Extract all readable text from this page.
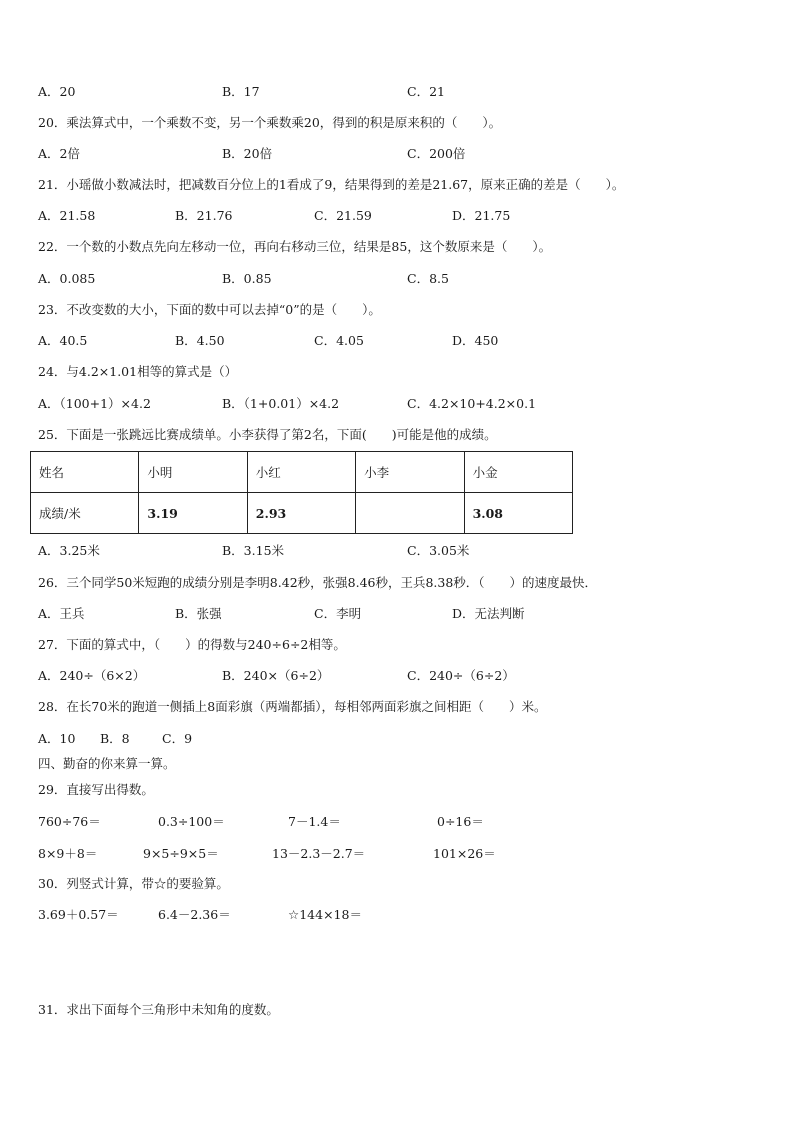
A．20	B．17	C．21
20．乘法算式中，一个乘数不变，另一个乘数乘20，得到的积是原来积的（　　）。
A．2倍	B．20倍	C．200倍
21．小瑶做小数减法时，把减数百分位上的1看成了9，结果得到的差是21.67，原来正确的差是（　　）。
A．21.58	B．21.76	C．21.59	D．21.75
22．一个数的小数点先向左移动一位，再向右移动三位，结果是85，这个数原来是（　　）。
A．0.085	B．0.85	C．8.5
23．不改变数的大小，下面的数中可以去掉“0”的是（　　）。
A．40.5	B．4.50	C．4.05	D．450
24．与4.2×1.01相等的算式是（）
A．（100+1）×4.2	B．（1+0.01）×4.2	C．4.2×10+4.2×0.1
25．下面是一张跳远比赛成绩单。小李获得了第2名，下面(　　)可能是他的成绩。
姓名	小明	小红	小李	小金
成绩/米	3.19	2.93		3.08
A．3.25米	B．3.15米	C．3.05米
26．三个同学50米短跑的成绩分别是李明8.42秒，张强8.46秒，王兵8.38秒．（　　）的速度最快．
A．王兵	B．张强	C．李明	D．无法判断
27．下面的算式中，（　　）的得数与240÷6÷2相等。
A．240÷（6×2）	B．240×（6÷2）	C．240÷（6÷2）
28．在长70米的跑道一侧插上8面彩旗（两端都插），每相邻两面彩旗之间相距（　　）米。
A．10 B．8	C．9
四、勤奋的你来算一算。
29．直接写出得数。
760÷76＝	0.3÷100＝	7－1.4＝	0÷16＝
8×9＋8＝	9×5÷9×5＝	13－2.3－2.7＝	101×26＝
30．列竖式计算，带☆的要验算。
3.69＋0.57＝	6.4－2.36＝	☆144×18＝
31．求出下面每个三角形中未知角的度数。
